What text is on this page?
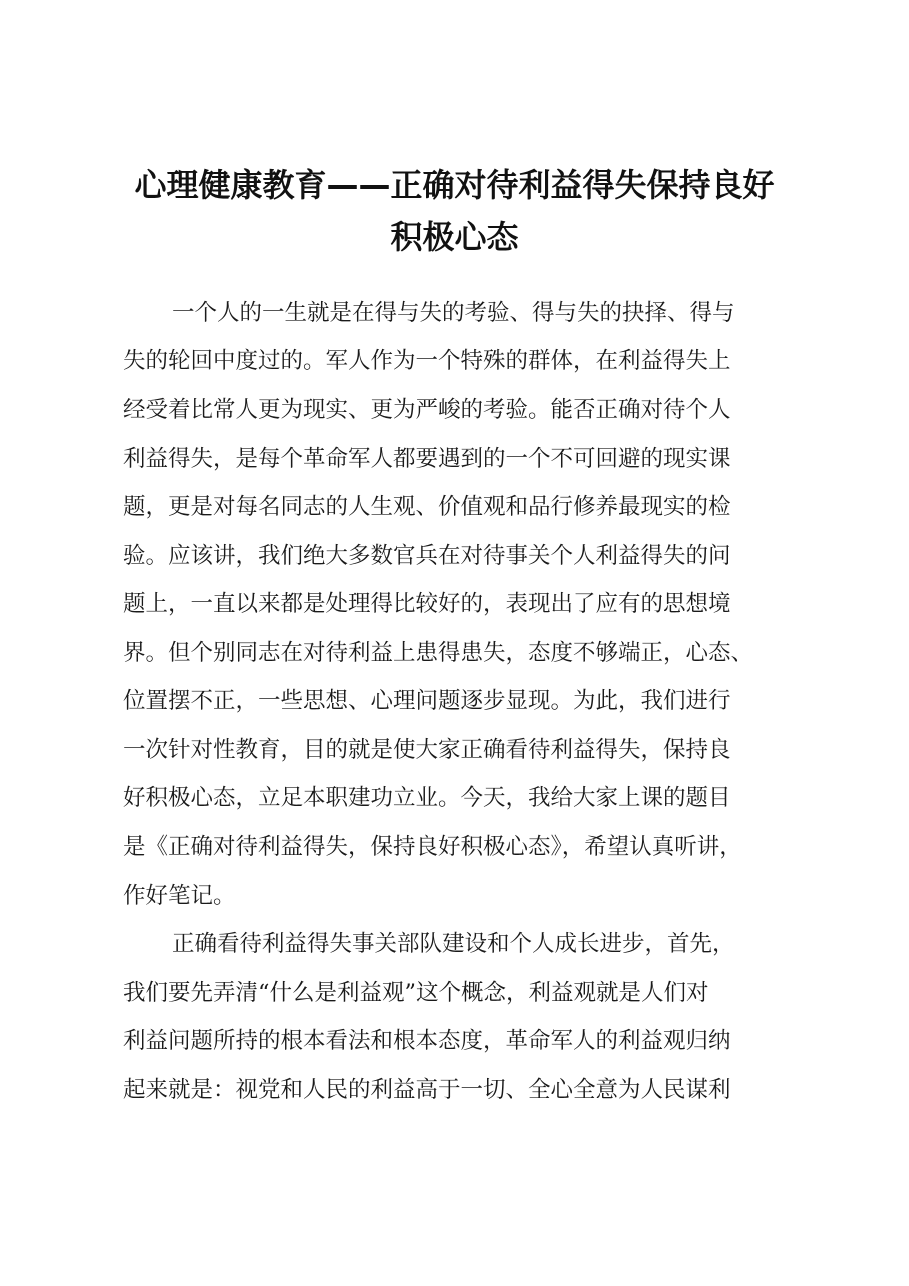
心理健康教育——正确对待利益得失保持良好
积极心态
一个人的一生就是在得与失的考验、得与失的抉择、得与
失的轮回中度过的。军人作为一个特殊的群体，在利益得失上
经受着比常人更为现实、更为严峻的考验。能否正确对待个人
利益得失，是每个革命军人都要遇到的一个不可回避的现实课
题，更是对每名同志的人生观、价值观和品行修养最现实的检
验。应该讲，我们绝大多数官兵在对待事关个人利益得失的问
题上，一直以来都是处理得比较好的，表现出了应有的思想境
界。但个别同志在对待利益上患得患失，态度不够端正，心态、
位置摆不正，一些思想、心理问题逐步显现。为此，我们进行
一次针对性教育，目的就是使大家正确看待利益得失，保持良
好积极心态，立足本职建功立业。今天，我给大家上课的题目
是《正确对待利益得失，保持良好积极心态》，希望认真听讲，
作好笔记。
正确看待利益得失事关部队建设和个人成长进步，首先，
我们要先弄清“什么是利益观”这个概念，利益观就是人们对
利益问题所持的根本看法和根本态度，革命军人的利益观归纳
起来就是：视党和人民的利益高于一切、全心全意为人民谋利
